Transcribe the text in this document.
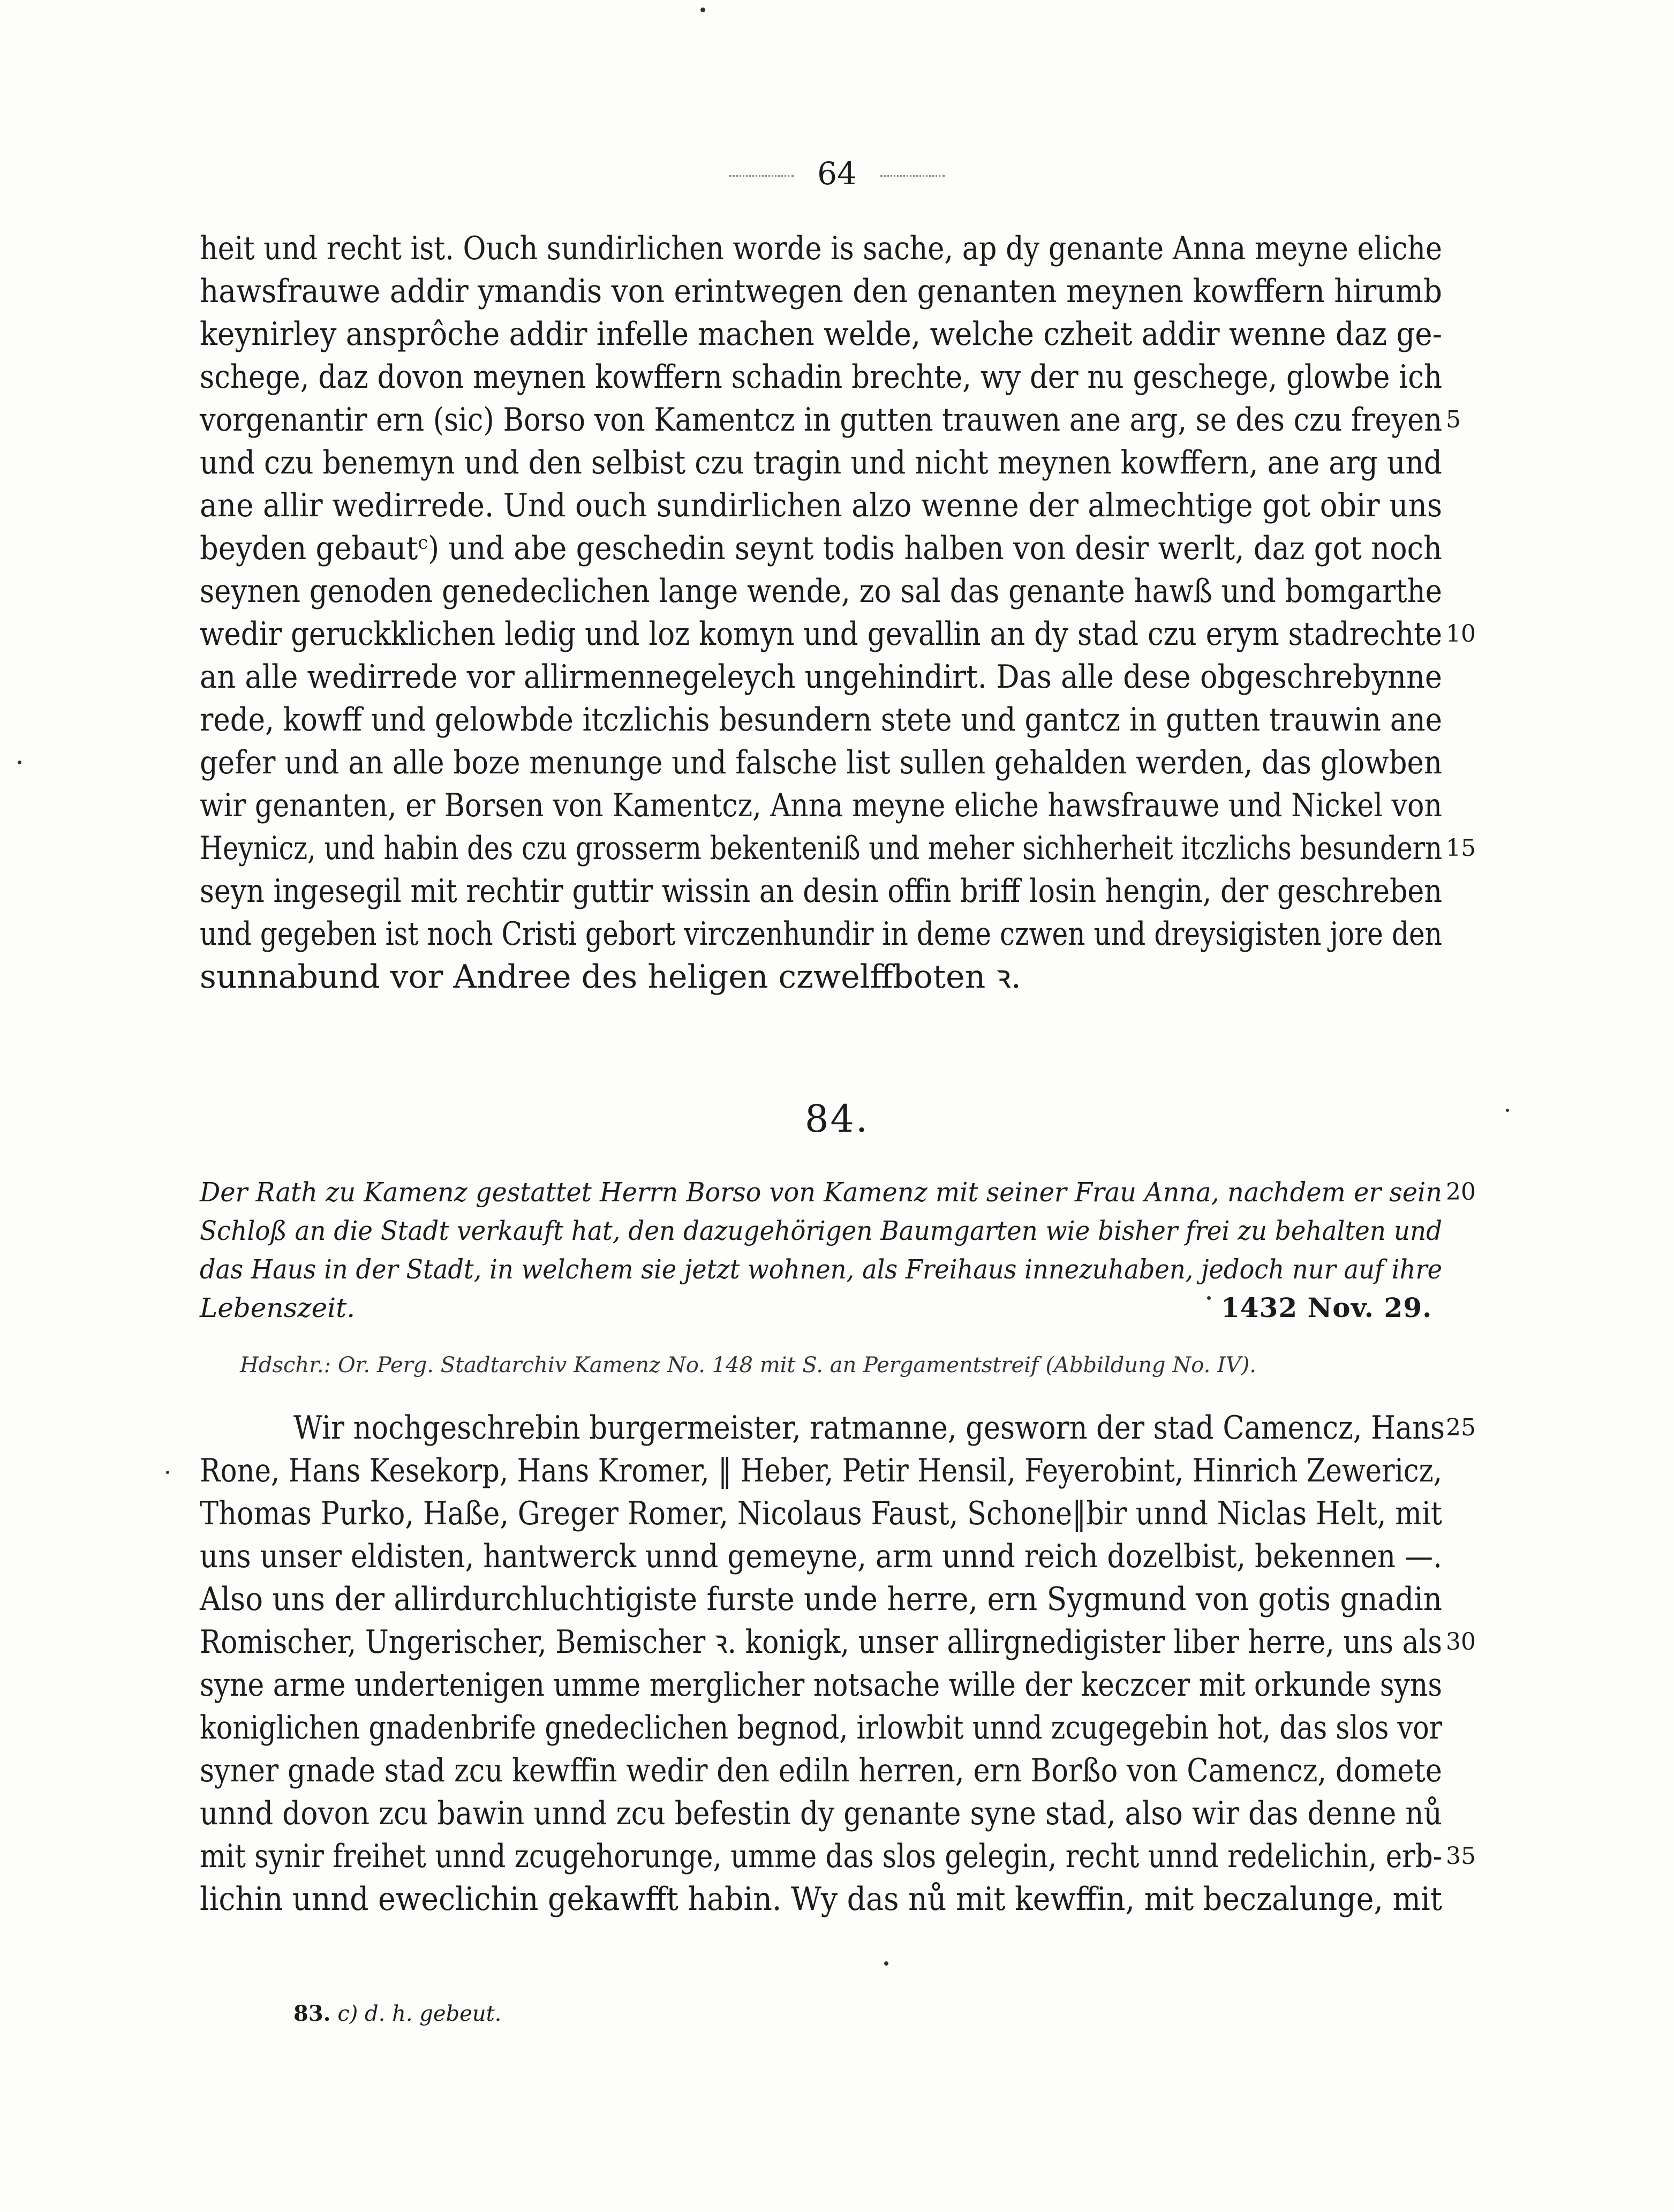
64
heit und recht ist. Ouch sundirlichen worde is sache, ap dy genante Anna meyne eliche
hawsfrauwe addir ymandis von erintwegen den genanten meynen kowffern hirumb
keynirley ansprôche addir infelle machen welde, welche czheit addir wenne daz ge-
schege, daz dovon meynen kowffern schadin brechte, wy der nu geschege, glowbe ich
vorgenantir ern (sic) Borso von Kamentcz in gutten trauwen ane arg, se des czu freyen
und czu benemyn und den selbist czu tragin und nicht meynen kowffern, ane arg und
ane allir wedirrede. Und ouch sundirlichen alzo wenne der almechtige got obir uns
beyden gebautᶜ) und abe geschedin seynt todis halben von desir werlt, daz got noch
seynen genoden genedeclichen lange wende, zo sal das genante hawß und bomgarthe
wedir geruckklichen ledig und loz komyn und gevallin an dy stad czu erym stadrechte
an alle wedirrede vor allirmennegeleych ungehindirt. Das alle dese obgeschrebynne
rede, kowff und gelowbde itczlichis besundern stete und gantcz in gutten trauwin ane
gefer und an alle boze menunge und falsche list sullen gehalden werden, das glowben
wir genanten, er Borsen von Kamentcz, Anna meyne eliche hawsfrauwe und Nickel von
Heynicz, und habin des czu grosserm bekenteniß und meher sichherheit itczlichs besundern
seyn ingesegil mit rechtir guttir wissin an desin offin briff losin hengin, der geschreben
und gegeben ist noch Cristi gebort virczenhundir in deme czwen und dreysigisten jore den
sunnabund vor Andree des heligen czwelffboten ꝛ.
5
10
15
84.
Der Rath zu Kamenz gestattet Herrn Borso von Kamenz mit seiner Frau Anna, nachdem er sein
Schloß an die Stadt verkauft hat, den dazugehörigen Baumgarten wie bisher frei zu behalten und
das Haus in der Stadt, in welchem sie jetzt wohnen, als Freihaus innezuhaben, jedoch nur auf ihre
Lebenszeit.
20
1432 Nov. 29.
Hdschr.: Or. Perg. Stadtarchiv Kamenz No. 148 mit S. an Pergamentstreif (Abbildung No. IV).
Wir nochgeschrebin burgermeister, ratmanne, gesworn der stad Camencz, Hans
Rone, Hans Kesekorp, Hans Kromer, ‖ Heber, Petir Hensil, Feyerobint, Hinrich Zewericz,
Thomas Purko, Haße, Greger Romer, Nicolaus Faust, Schone‖bir unnd Niclas Helt, mit
uns unser eldisten, hantwerck unnd gemeyne, arm unnd reich dozelbist, bekennen —.
Also uns der allirdurchluchtigiste furste unde herre, ern Sygmund von gotis gnadin
Romischer, Ungerischer, Bemischer ꝛ. konigk, unser allirgnedigister liber herre, uns als
syne arme undertenigen umme merglicher notsache wille der keczcer mit orkunde syns
koniglichen gnadenbrife gnedeclichen begnod, irlowbit unnd zcugegebin hot, das slos vor
syner gnade stad zcu kewffin wedir den ediln herren, ern Borßo von Camencz, domete
unnd dovon zcu bawin unnd zcu befestin dy genante syne stad, also wir das denne nů
mit synir freihet unnd zcugehorunge, umme das slos gelegin, recht unnd redelichin, erb-
lichin unnd eweclichin gekawfft habin. Wy das nů mit kewffin, mit beczalunge, mit
25
30
35
83. c) d. h. gebeut.
